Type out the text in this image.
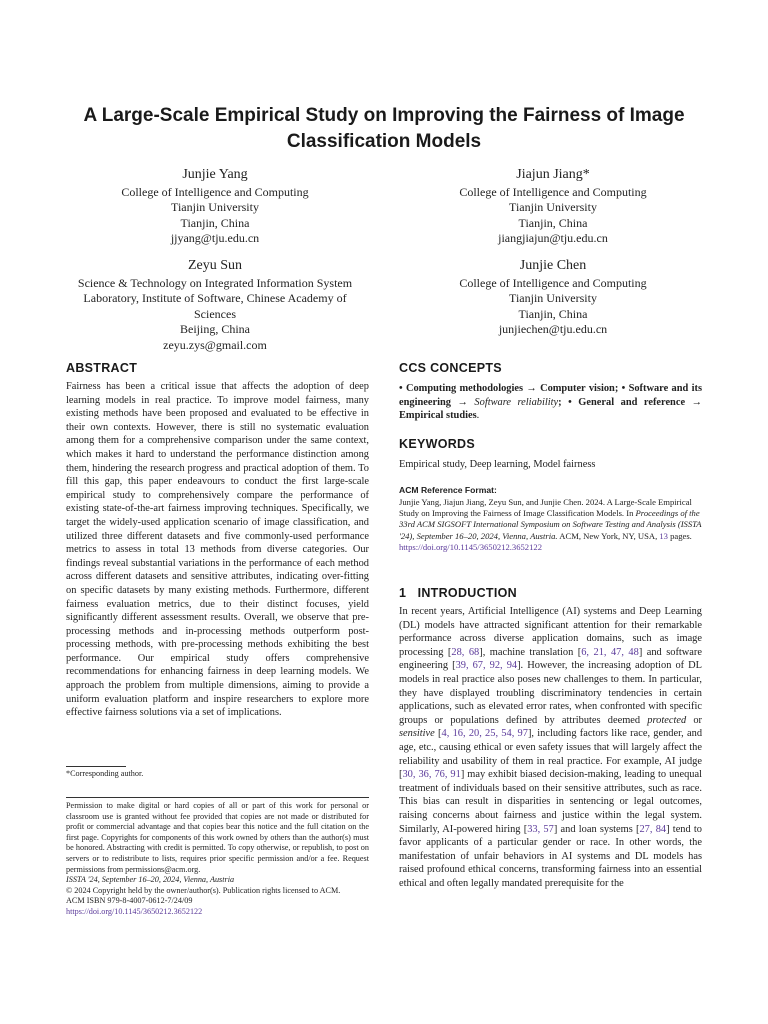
A Large-Scale Empirical Study on Improving the Fairness of Image Classification Models
Junjie Yang
College of Intelligence and Computing
Tianjin University
Tianjin, China
jjyang@tju.edu.cn
Jiajun Jiang*
College of Intelligence and Computing
Tianjin University
Tianjin, China
jiangjiajun@tju.edu.cn
Zeyu Sun
Science & Technology on Integrated Information System
Laboratory, Institute of Software, Chinese Academy of
Sciences
Beijing, China
zeyu.zys@gmail.com
Junjie Chen
College of Intelligence and Computing
Tianjin University
Tianjin, China
junjiechen@tju.edu.cn
ABSTRACT

Fairness has been a critical issue that affects the adoption of deep learning models in real practice. To improve model fairness, many existing methods have been proposed and evaluated to be effective in their own contexts. However, there is still no systematic evaluation among them for a comprehensive comparison under the same context, which makes it hard to understand the performance distinction among them, hindering the research progress and practical adoption of them. To fill this gap, this paper endeavours to conduct the first large-scale empirical study to comprehensively compare the performance of existing state-of-the-art fairness improving techniques. Specifically, we target the widely-used application scenario of image classification, and utilized three different datasets and five commonly-used performance metrics to assess in total 13 methods from diverse categories. Our findings reveal substantial variations in the performance of each method across different datasets and sensitive attributes, indicating over-fitting on specific datasets by many existing methods. Furthermore, different fairness evaluation metrics, due to their distinct focuses, yield significantly different assessment results. Overall, we observe that pre-processing methods and in-processing methods outperform post-processing methods, with pre-processing methods exhibiting the best performance. Our empirical study offers comprehensive recommendations for enhancing fairness in deep learning models. We approach the problem from multiple dimensions, aiming to provide a uniform evaluation platform and inspire researchers to explore more effective fairness solutions via a set of implications.

*Corresponding author.

Permission to make digital or hard copies of all or part of this work for personal or classroom use is granted without fee provided that copies are not made or distributed for profit or commercial advantage and that copies bear this notice and the full citation on the first page. Copyrights for components of this work owned by others than the author(s) must be honored. Abstracting with credit is permitted. To copy otherwise, or republish, to post on servers or to redistribute to lists, requires prior specific permission and/or a fee. Request permissions from permissions@acm.org.

ISSTA '24, September 16–20, 2024, Vienna, Austria

© 2024 Copyright held by the owner/author(s). Publication rights licensed to ACM.

ACM ISBN 979-8-4007-0612-7/24/09

https://doi.org/10.1145/3650212.3652122

CCS CONCEPTS

• Computing methodologies → Computer vision; • Software and its engineering → Software reliability; • General and reference → Empirical studies.

KEYWORDS

Empirical study, Deep learning, Model fairness

ACM Reference Format:

Junjie Yang, Jiajun Jiang, Zeyu Sun, and Junjie Chen. 2024. A Large-Scale Empirical Study on Improving the Fairness of Image Classification Models. In Proceedings of the 33rd ACM SIGSOFT International Symposium on Software Testing and Analysis (ISSTA '24), September 16–20, 2024, Vienna, Austria. ACM, New York, NY, USA, 13 pages. https://doi.org/10.1145/3650212.3652122

1   INTRODUCTION

In recent years, Artificial Intelligence (AI) systems and Deep Learning (DL) models have attracted significant attention for their remarkable performance across diverse application domains, such as image processing [28, 68], machine translation [6, 21, 47, 48] and software engineering [39, 67, 92, 94]. However, the increasing adoption of DL models in real practice also poses new challenges to them. In particular, they have displayed troubling discriminatory tendencies in certain applications, such as elevated error rates, when confronted with specific groups or populations defined by attributes deemed protected or sensitive [4, 16, 20, 25, 54, 97], including factors like race, gender, and age, etc., causing ethical or even safety issues that will largely affect the reliability and usability of them in real practice. For example, AI judge [30, 36, 76, 91] may exhibit biased decision-making, leading to unequal treatment of individuals based on their sensitive attributes, such as race. This bias can result in disparities in sentencing or legal outcomes, raising concerns about fairness and justice within the legal system. Similarly, AI-powered hiring [33, 57] and loan systems [27, 84] tend to favor applicants of a particular gender or race. In other words, the manifestation of unfair behaviors in AI systems and DL models has raised profound ethical concerns, transforming fairness into an essential ethical and often legally mandated prerequisite for the
